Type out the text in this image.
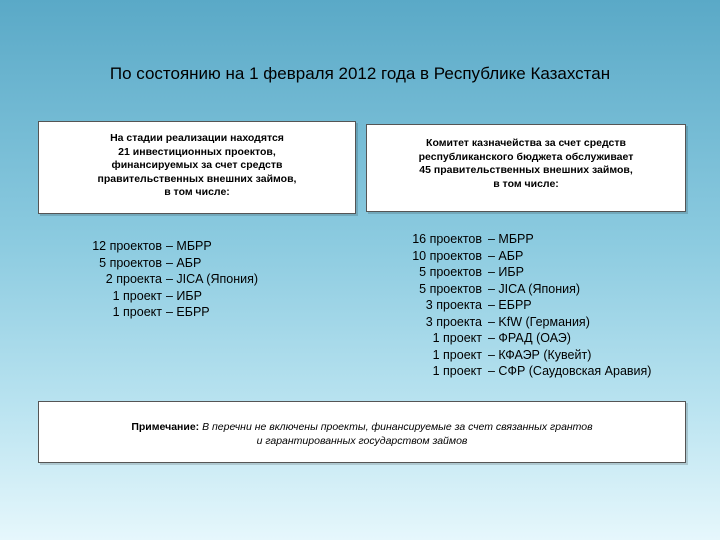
По состоянию на 1 февраля 2012 года в Республике Казахстан
На стадии реализации находятся
21 инвестиционных проектов,
финансируемых за счет средств
правительственных внешних займов,
в том числе:
Комитет казначейства за счет средств
республиканского бюджета обслуживает
45 правительственных внешних займов,
в том числе:
12 проектов – МБРР
5 проектов – АБР
2 проекта – JICA (Япония)
1 проект – ИБР
1 проект – ЕБРР
16 проектов – МБРР
10 проектов – АБР
5 проектов – ИБР
5 проектов – JICA (Япония)
3 проекта – ЕБРР
3 проекта – KfW (Германия)
1 проект – ФРАД (ОАЭ)
1 проект – КФАЭР (Кувейт)
1 проект – СФР (Саудовская Аравия)
Примечание: В перечни не включены проекты, финансируемые за счет связанных грантов
и гарантированных государством займов
